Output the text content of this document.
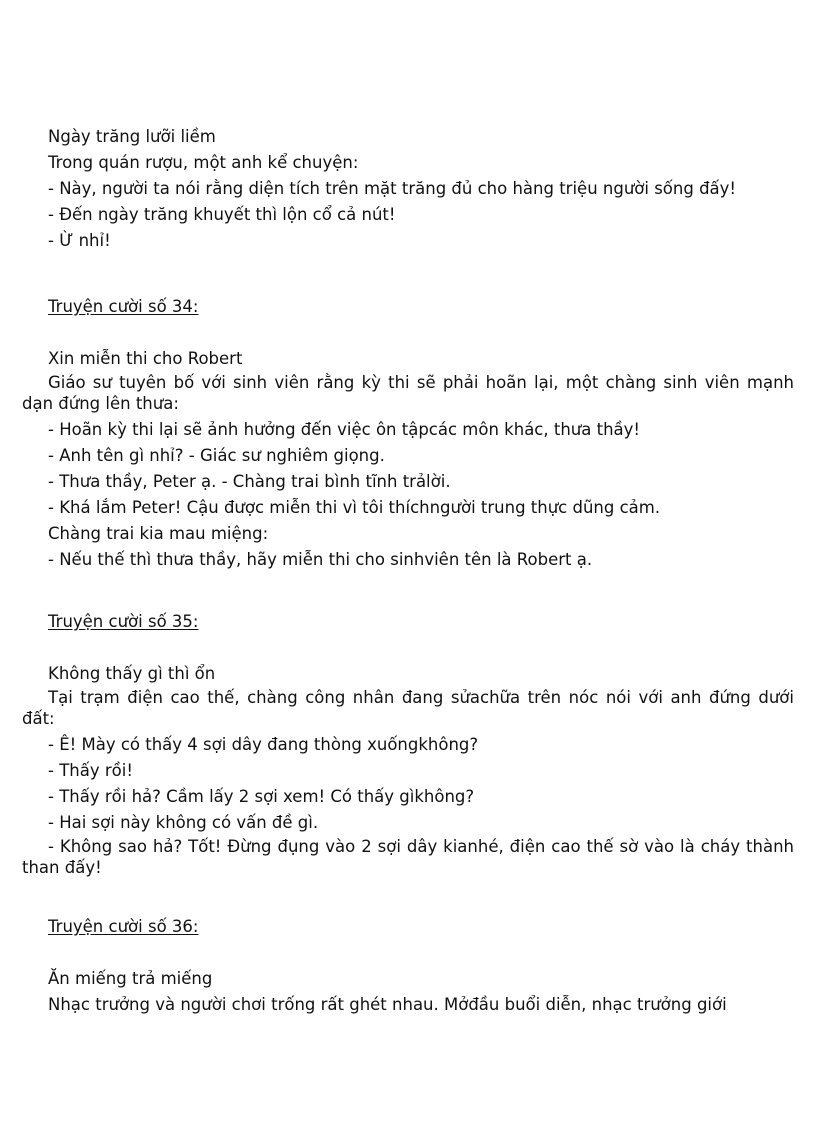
Ngày trăng lưỡi liềm
Trong quán rượu, một anh kể chuyện:
- Này, người ta nói rằng diện tích trên mặt trăng đủ cho hàng triệu người sống đấy!
- Đến ngày trăng khuyết thì lộn cổ cả nút!
- Ừ nhỉ!
Truyện cười số 34:
Xin miễn thi cho Robert
Giáo sư tuyên bố với sinh viên rằng kỳ thi sẽ phải hoãn lại, một chàng sinh viên mạnh dạn đứng lên thưa:
- Hoãn kỳ thi lại sẽ ảnh hưởng đến việc ôn tậpcác môn khác, thưa thầy!
- Anh tên gì nhỉ? - Giác sư nghiêm giọng.
- Thưa thầy, Peter ạ. - Chàng trai bình tĩnh trảlời.
- Khá lắm Peter! Cậu được miễn thi vì tôi thíchngười trung thực dũng cảm.
Chàng trai kia mau miệng:
- Nếu thế thì thưa thầy, hãy miễn thi cho sinhviên tên là Robert ạ.
Truyện cười số 35:
Không thấy gì thì ổn
Tại trạm điện cao thế, chàng công nhân đang sửachữa trên nóc nói với anh đứng dưới đất:
- Ê! Mày có thấy 4 sợi dây đang thòng xuốngkhông?
- Thấy rồi!
- Thấy rồi hả? Cầm lấy 2 sợi xem! Có thấy gìkhông?
- Hai sợi này không có vấn đề gì.
- Không sao hả? Tốt! Đừng đụng vào 2 sợi dây kianhé, điện cao thế sờ vào là cháy thành than đấy!
Truyện cười số 36:
Ăn miếng trả miếng
Nhạc trưởng và người chơi trống rất ghét nhau. Mởđầu buổi diễn, nhạc trưởng giới
